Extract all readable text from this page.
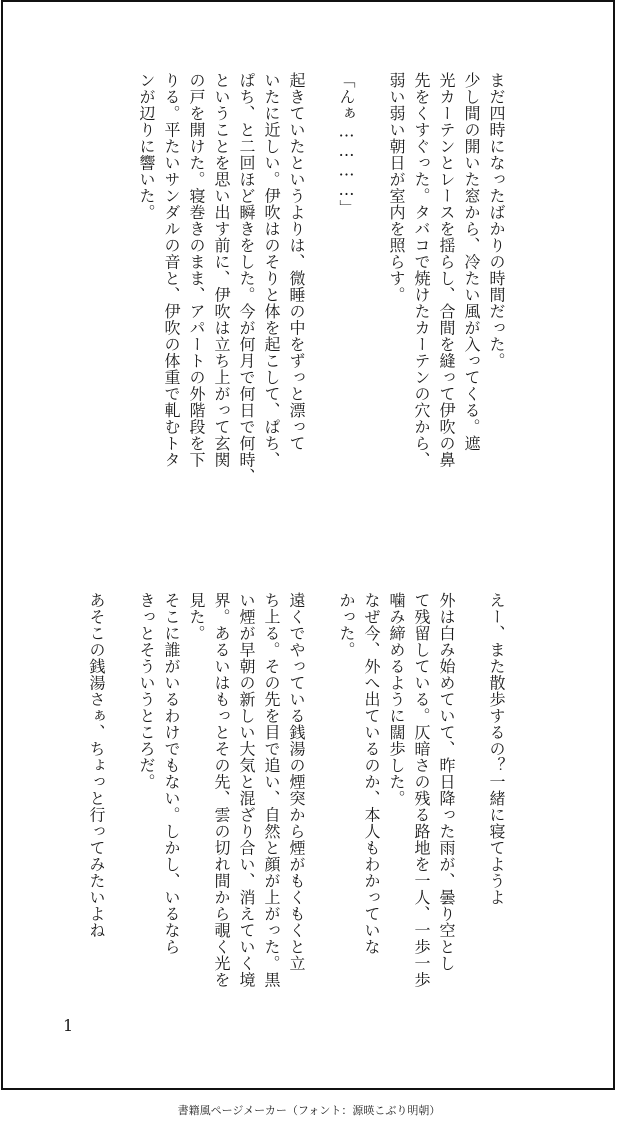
まだ四時になったばかりの時間だった。
少し間の開いた窓から、冷たい風が入ってくる。遮
光カーテンとレースを揺らし、合間を縫って伊吹の鼻
先をくすぐった。タバコで焼けたカーテンの穴から、
弱い弱い朝日が室内を照らす。
「んぁ…………」
起きていたというよりは、微睡の中をずっと漂って
いたに近しい。伊吹はのそりと体を起こして、ぱち、
ぱち、と二回ほど瞬きをした。今が何月で何日で何時、
ということを思い出す前に、伊吹は立ち上がって玄関
の戸を開けた。寝巻きのまま、アパートの外階段を下
りる。平たいサンダルの音と、伊吹の体重で軋むトタ
ンが辺りに響いた。
えー、また散歩するの？一緒に寝てようよ
外は白み始めていて、昨日降った雨が、曇り空とし
て残留している。仄暗さの残る路地を一人、一歩一歩
噛み締めるように闊歩した。
なぜ今、外へ出ているのか、本人もわかっていな
かった。
遠くでやっている銭湯の煙突から煙がもくもくと立
ち上る。その先を目で追い、自然と顔が上がった。黒
い煙が早朝の新しい大気と混ざり合い、消えていく境
界。あるいはもっとその先、雲の切れ間から覗く光を
見た。
そこに誰がいるわけでもない。しかし、いるなら
きっとそういうところだ。
あそこの銭湯さぁ、ちょっと行ってみたいよね
1
書籍風ページメーカー（フォント：源暎こぶり明朝）
